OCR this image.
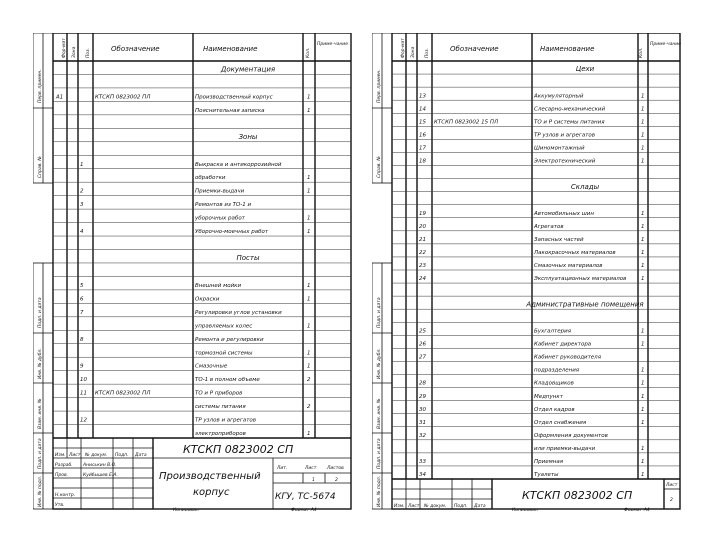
Перв. примен.
Справ. №
Подп. и дата
Инв. № дубл.
Взам. инв. №
Подп. и дата
Инв. № подл.
Фор-мат Зона Поз.	Обозначение	Наименование	Кол.
Приме-чание
Документация
А1	КТСКП 0823002 ПЛ	Производственный корпус	1
Пояснительная записка	1
Зоны
1	Выкраска и антикоррозийной
обработки	1
2	Приемки-выдачи	1
3	Ремонтов из ТО-1 и
уборочных работ	1
4	Уборочно-моечных работ	1
Посты
5	Внешней мойки	1
6	Окраски	1
7	Регулировки углов установки
управляемых колес	1
8	Ремонта и регулировки
тормозной системы	1
9	Смазочные	1
10	ТО-1 в полном объеме	2
11 КТСКП 0823002 ПЛ	ТО и Р приборов
системы питания	2
12	ТР узлов и агрегатов
электроприборов	1
Изм. Лист № докум. Подп. Дата
Разраб. Аниськин В.О.
Пров.	Куйбышев Е.А.
Н.контр.
Утв.
КТСКП 0823002 СП
Производственный
корпус
Лит.	Лист Листов
1	2
КГУ, ТС-5674
Копировал	Формат А4
Перв. примен.
Справ. №
Подп. и дата
Инв. № дубл.
Взам. инв. №
Подп. и дата
Инв. № подл.
Фор-мат Зона Поз.	Обозначение	Наименование	Кол.
Приме-чание
Цехи
13	Аккумуляторный	1
14	Слесарно-механический	1
15 КТСКП 0823002 15 ПЛ	ТО и Р системы питания	1
16	ТР узлов и агрегатов	1
17	Шиномонтажный	1
18	Электротехнический	1
Склады
19	Автомобильных шин	1
20	Агрегатов	1
21	Запасных частей	1
22	Лакокрасочных материалов	1
23	Смазочных материалов	1
24	Эксплуатационных материалов	1
Административные помещения
25	Бухгалтерия	1
26	Кабинет директора	1
27	Кабинет руководителя
подразделения	1
28	Кладовщиков	1
29	Медпункт	1
30	Отдел кадров	1
31	Отдел снабжения	1
32	Оформления документов
или приемки-выдачи	1
33	Приемная	1
34	Туалеты	1
Изм. Лист № докум. Подп. Дата
КТСКП 0823002 СП
Лист
2
Копировал	Формат А4
